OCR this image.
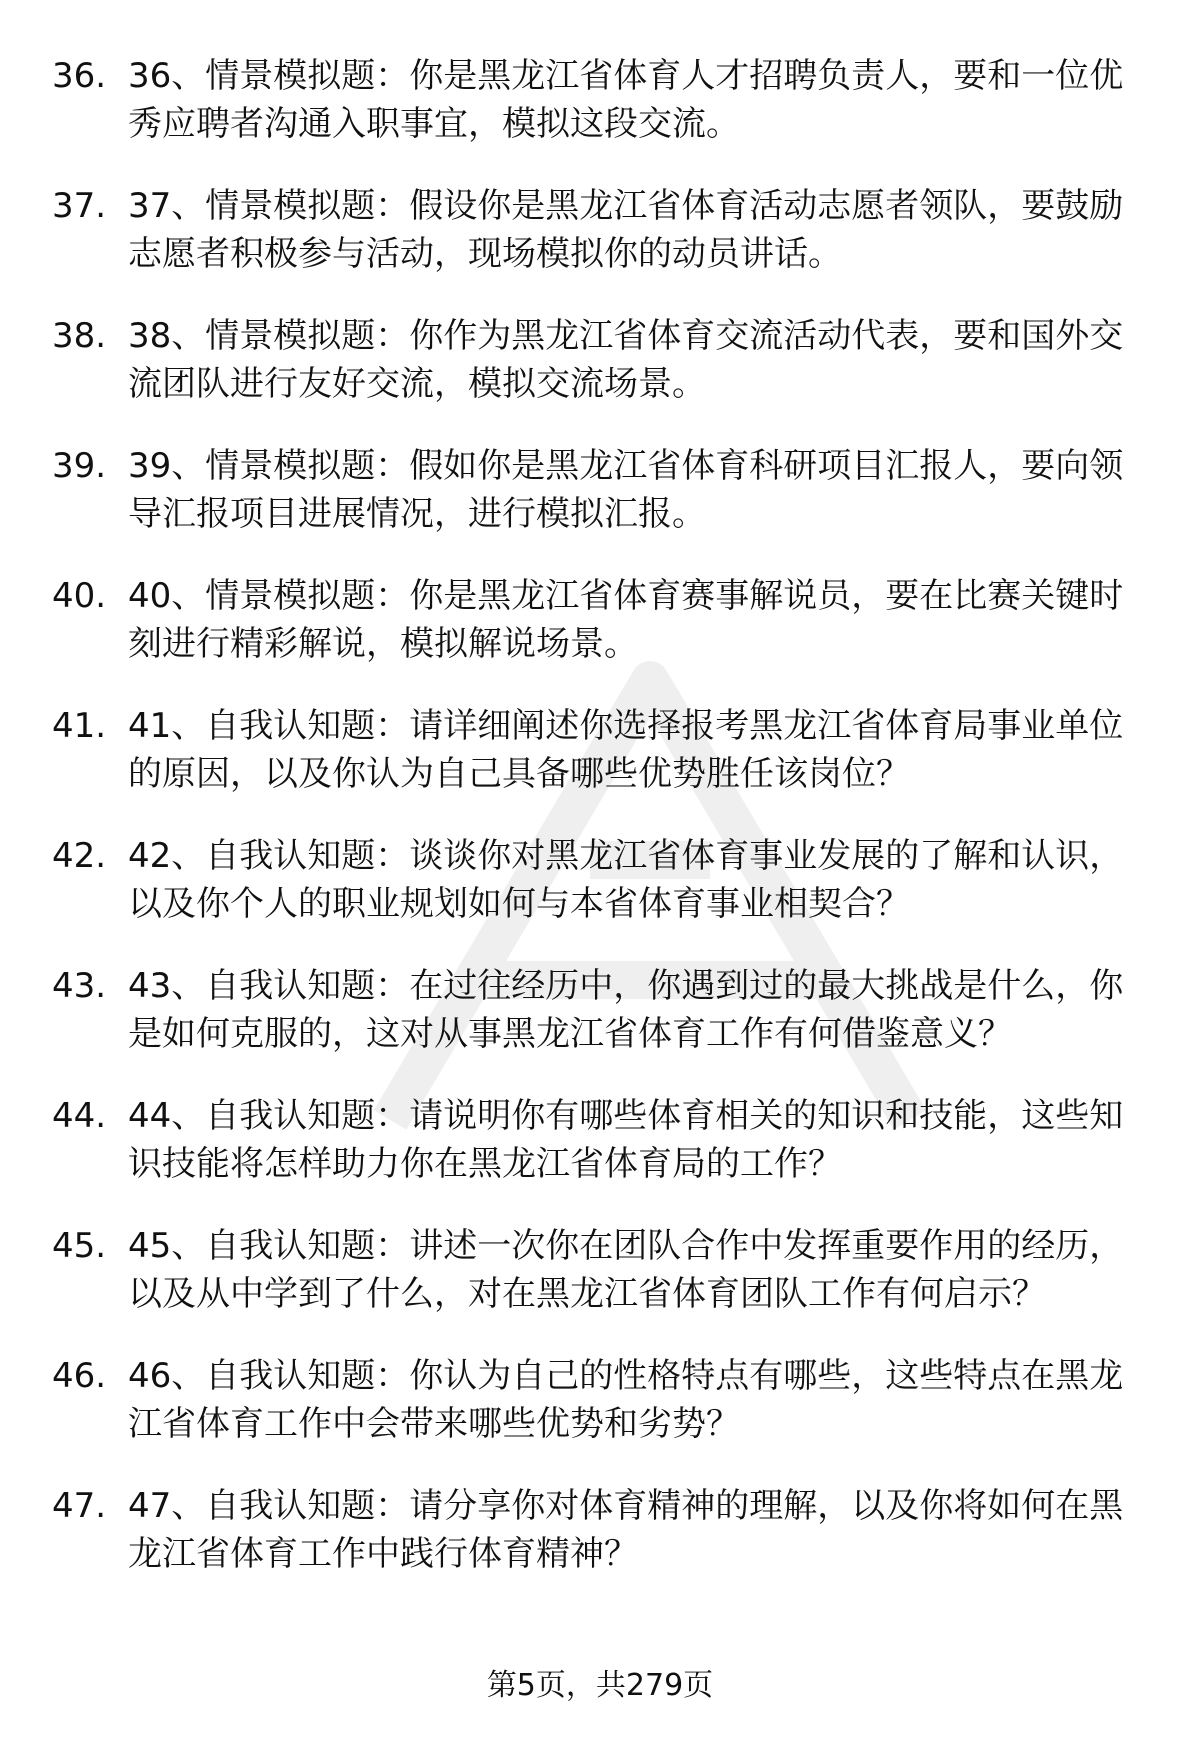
36. 36、情景模拟题：你是黑龙江省体育人才招聘负责人，要和一位优秀应聘者沟通入职事宜，模拟这段交流。
37. 37、情景模拟题：假设你是黑龙江省体育活动志愿者领队，要鼓励志愿者积极参与活动，现场模拟你的动员讲话。
38. 38、情景模拟题：你作为黑龙江省体育交流活动代表，要和国外交流团队进行友好交流，模拟交流场景。
39. 39、情景模拟题：假如你是黑龙江省体育科研项目汇报人，要向领导汇报项目进展情况，进行模拟汇报。
40. 40、情景模拟题：你是黑龙江省体育赛事解说员，要在比赛关键时刻进行精彩解说，模拟解说场景。
41. 41、自我认知题：请详细阐述你选择报考黑龙江省体育局事业单位的原因，以及你认为自己具备哪些优势胜任该岗位？
42. 42、自我认知题：谈谈你对黑龙江省体育事业发展的了解和认识，以及你个人的职业规划如何与本省体育事业相契合？
43. 43、自我认知题：在过往经历中，你遇到过的最大挑战是什么，你是如何克服的，这对从事黑龙江省体育工作有何借鉴意义？
44. 44、自我认知题：请说明你有哪些体育相关的知识和技能，这些知识技能将怎样助力你在黑龙江省体育局的工作？
45. 45、自我认知题：讲述一次你在团队合作中发挥重要作用的经历，以及从中学到了什么，对在黑龙江省体育团队工作有何启示？
46. 46、自我认知题：你认为自己的性格特点有哪些，这些特点在黑龙江省体育工作中会带来哪些优势和劣势？
47. 47、自我认知题：请分享你对体育精神的理解，以及你将如何在黑龙江省体育工作中践行体育精神？
第5页，共279页
